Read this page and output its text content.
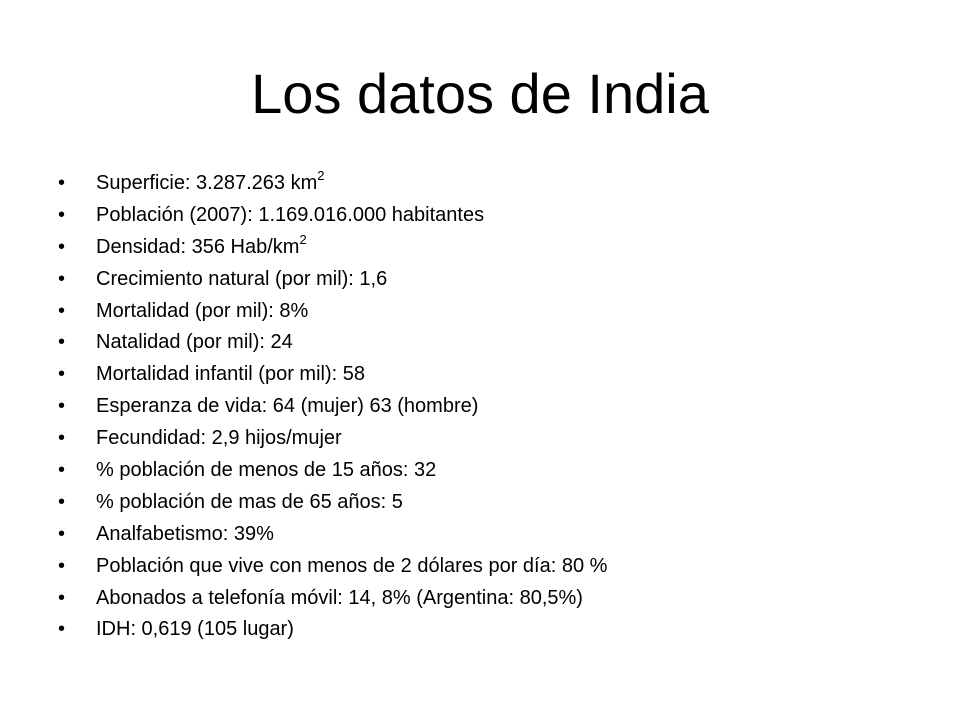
Los datos de India
•	Superficie: 3.287.263 $km^2$
•	Población (2007): 1.169.016.000 habitantes
•	Densidad: 356 Hab/$km^2$
•	Crecimiento natural (por mil): 1,6
•	Mortalidad (por mil): 8%
•	Natalidad (por mil): 24
•	Mortalidad infantil (por mil): 58
•	Esperanza de vida: 64 (mujer) 63 (hombre)
•	Fecundidad: 2,9 hijos/mujer
•	% población de menos de 15 años: 32
•	% población de mas de 65 años: 5
•	Analfabetismo: 39%
•	Población que vive con menos de 2 dólares por día: 80 %
•	Abonados a telefonía móvil: 14, 8% (Argentina: 80,5%)
•	IDH: 0,619 (105 lugar)
